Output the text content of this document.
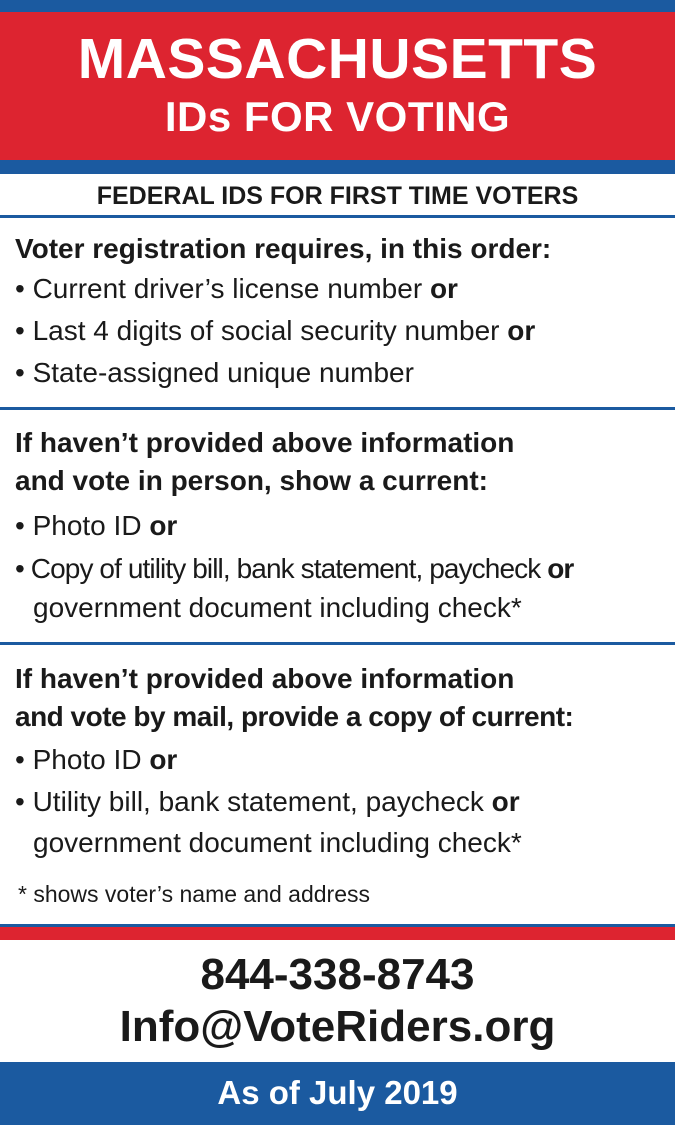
MASSACHUSETTS
IDs FOR VOTING
FEDERAL IDS FOR FIRST TIME VOTERS
Voter registration requires, in this order:
• Current driver’s license number or
• Last 4 digits of social security number or
• State-assigned unique number
If haven’t provided above information
and vote in person, show a current:
• Photo ID or
• Copy of utility bill, bank statement, paycheck or
government document including check*
If haven’t provided above information
and vote by mail, provide a copy of current:
• Photo ID or
• Utility bill, bank statement, paycheck or
government document including check*
* shows voter’s name and address
844-338-8743
Info@VoteRiders.org
As of July 2019
